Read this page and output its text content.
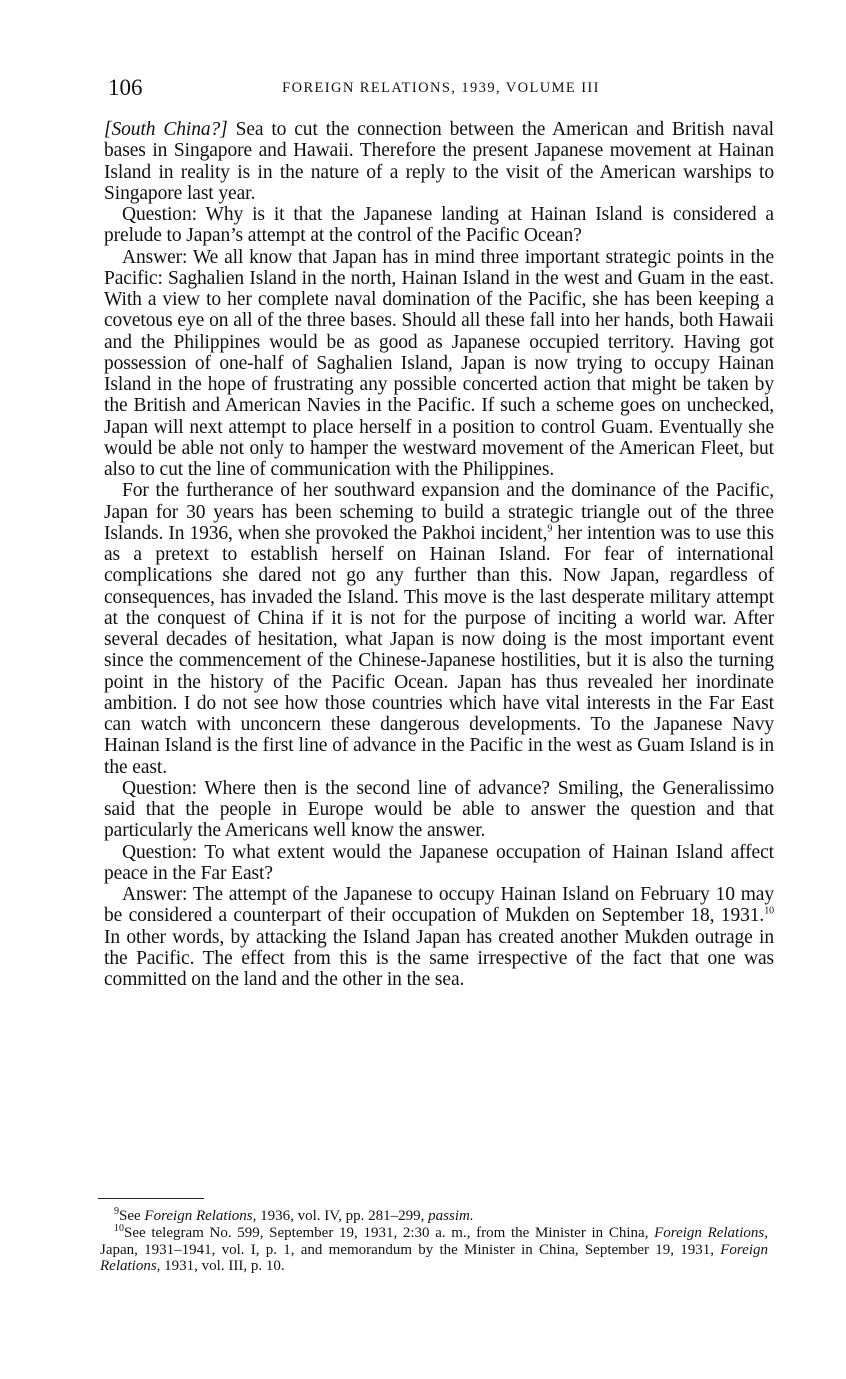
106	FOREIGN RELATIONS, 1939, VOLUME III

[South China?] Sea to cut the connection between the American and British naval bases in Singapore and Hawaii. Therefore the present Japanese movement at Hainan Island in reality is in the nature of a reply to the visit of the American warships to Singapore last year.

Question: Why is it that the Japanese landing at Hainan Island is considered a prelude to Japan’s attempt at the control of the Pacific Ocean?

Answer: We all know that Japan has in mind three important strategic points in the Pacific: Saghalien Island in the north, Hainan Island in the west and Guam in the east. With a view to her complete naval domination of the Pacific, she has been keeping a covetous eye on all of the three bases. Should all these fall into her hands, both Hawaii and the Philippines would be as good as Japanese occupied territory. Having got possession of one-half of Saghalien Island, Japan is now trying to occupy Hainan Island in the hope of frustrating any possible concerted action that might be taken by the British and American Navies in the Pacific. If such a scheme goes on unchecked, Japan will next attempt to place herself in a position to control Guam. Eventually she would be able not only to hamper the westward movement of the American Fleet, but also to cut the line of communication with the Philippines.

For the furtherance of her southward expansion and the dominance of the Pacific, Japan for 30 years has been scheming to build a strategic triangle out of the three Islands. In 1936, when she provoked the Pakhoi incident,$^9$ her intention was to use this as a pretext to establish herself on Hainan Island. For fear of international complications she dared not go any further than this. Now Japan, regardless of consequences, has invaded the Island. This move is the last desperate military attempt at the conquest of China if it is not for the purpose of inciting a world war. After several decades of hesitation, what Japan is now doing is the most important event since the commencement of the Chinese-Japanese hostilities, but it is also the turning point in the history of the Pacific Ocean. Japan has thus revealed her inordinate ambition. I do not see how those countries which have vital interests in the Far East can watch with unconcern these dangerous developments. To the Japanese Navy Hainan Island is the first line of advance in the Pacific in the west as Guam Island is in the east.

Question: Where then is the second line of advance? Smiling, the Generalissimo said that the people in Europe would be able to answer the question and that particularly the Americans well know the answer.

Question: To what extent would the Japanese occupation of Hainan Island affect peace in the Far East?

Answer: The attempt of the Japanese to occupy Hainan Island on February 10 may be considered a counterpart of their occupation of Mukden on September 18, 1931.10 In other words, by attacking the Island Japan has created another Mukden outrage in the Pacific. The effect from this is the same irrespective of the fact that one was committed on the land and the other in the sea.

$^9$See Foreign Relations, 1936, vol. IV, pp. 281–299, passim.

$^{10}$See telegram No. 599, September 19, 1931, 2:30 a. m., from the Minister in China, Foreign Relations, Japan, 1931–1941, vol. I, p. 1, and memorandum by the Minister in China, September 19, 1931, Foreign Relations, 1931, vol. III, p. 10.
